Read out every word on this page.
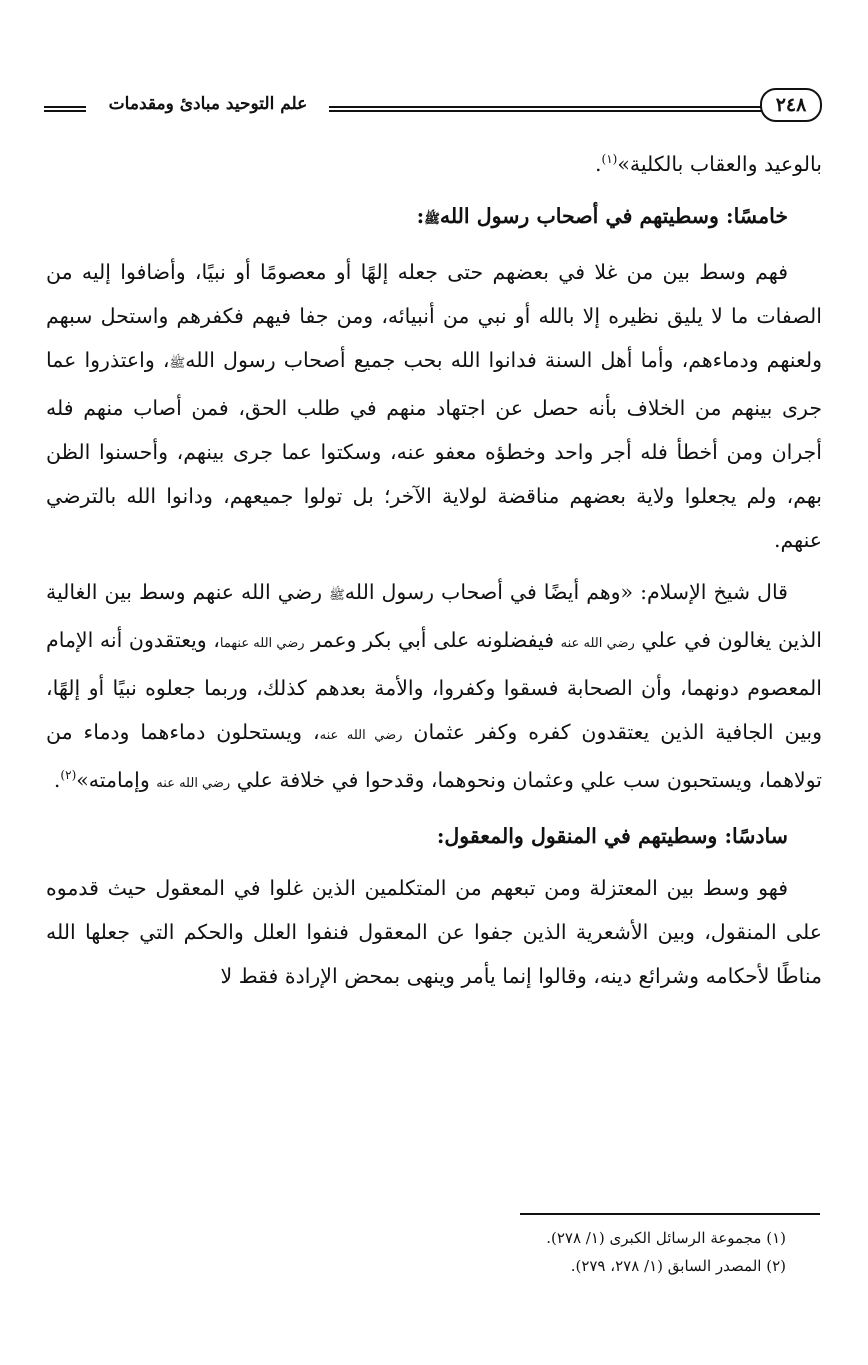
علم التوحيد مبادئ ومقدمات	٢٤٨

بالوعيد والعقاب بالكلية»$^{(١)}$.

خامسًا: وسطيتهم في أصحاب رسول اللهﷺ:

فهم وسط بين من غلا في بعضهم حتى جعله إلهًا أو معصومًا أو نبيًا، وأضافوا إليه من الصفات ما لا يليق نظيره إلا بالله أو نبي من أنبيائه، ومن جفا فيهم فكفرهم واستحل سبهم ولعنهم ودماءهم، وأما أهل السنة فدانوا الله بحب جميع أصحاب رسول اللهﷺ، واعتذروا عما جرى بينهم من الخلاف بأنه حصل عن اجتهاد منهم في طلب الحق، فمن أصاب منهم فله أجران ومن أخطأ فله أجر واحد وخطؤه معفو عنه، وسكتوا عما جرى بينهم، وأحسنوا الظن بهم، ولم يجعلوا ولاية بعضهم مناقضة لولاية الآخر؛ بل تولوا جميعهم، ودانوا الله بالترضي عنهم.

قال شيخ الإسلام: «وهم أيضًا في أصحاب رسول اللهﷺ رضي الله عنهم وسط بين الغالية الذين يغالون في علي رضي الله عنه فيفضلونه على أبي بكر وعمر رضي الله عنهما، ويعتقدون أنه الإمام المعصوم دونهما، وأن الصحابة فسقوا وكفروا، والأمة بعدهم كذلك، وربما جعلوه نبيًا أو إلهًا، وبين الجافية الذين يعتقدون كفره وكفر عثمان رضي الله عنه، ويستحلون دماءهما ودماء من تولاهما، ويستحبون سب علي وعثمان ونحوهما، وقدحوا في خلافة علي رضي الله عنه وإمامته»$^{(٢)}$.

سادسًا: وسطيتهم في المنقول والمعقول:

فهو وسط بين المعتزلة ومن تبعهم من المتكلمين الذين غلوا في المعقول حيث قدموه على المنقول، وبين الأشعرية الذين جفوا عن المعقول فنفوا العلل والحكم التي جعلها الله مناطًا لأحكامه وشرائع دينه، وقالوا إنما يأمر وينهى بمحض الإرادة فقط لا

(١) مجموعة الرسائل الكبرى (١/ ٢٧٨).

(٢) المصدر السابق (١/ ٢٧٨، ٢٧٩).
